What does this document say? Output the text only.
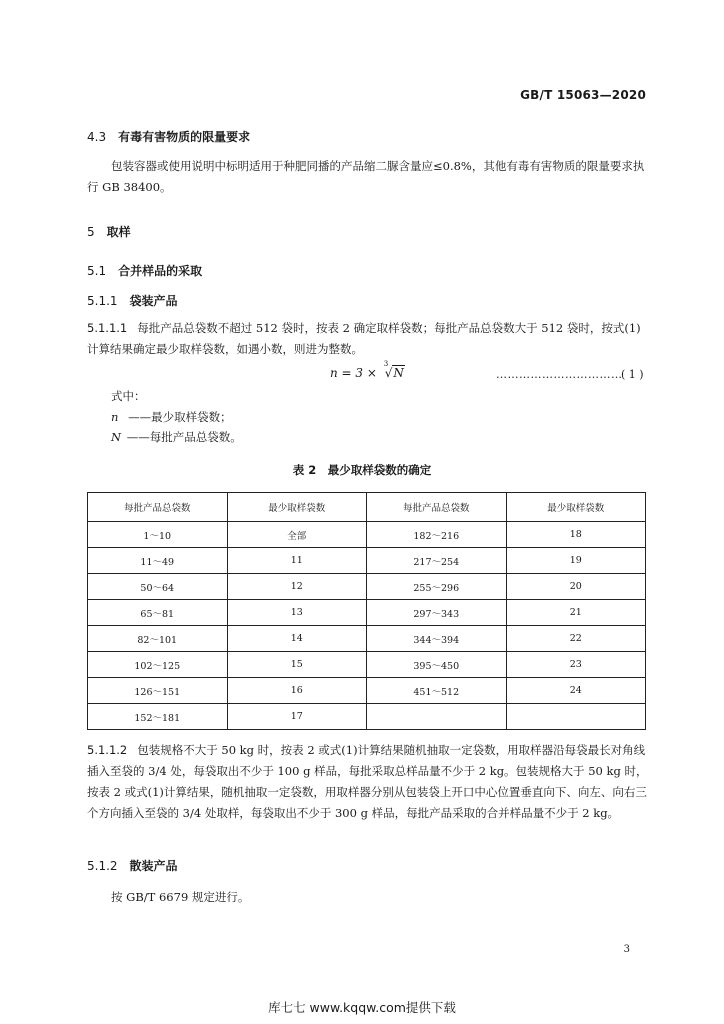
GB/T 15063—2020
4.3 有毒有害物质的限量要求
包装容器或使用说明中标明适用于种肥同播的产品缩二脲含量应≤0.8%，其他有毒有害物质的限量要求执行 GB 38400。
5 取样
5.1 合并样品的采取
5.1.1 袋装产品
5.1.1.1 每批产品总袋数不超过 512 袋时，按表 2 确定取样袋数；每批产品总袋数大于 512 袋时，按式(1) 计算结果确定最少取样袋数，如遇小数，则进为整数。
n = 3 ×
3
√N	……………………………
( 1 )
式中：
n ——最少取样袋数；
N ——每批产品总袋数。
表 2　最少取样袋数的确定
每批产品总袋数	最少取样袋数	每批产品总袋数	最少取样袋数
1～10	全部	182～216	18
11～49	11	217～254	19
50～64	12	255～296	20
65～81	13	297～343	21
82～101	14	344～394	22
102～125	15	395～450	23
126～151	16	451～512	24
152～181	17		
5.1.1.2 包装规格不大于 50 kg 时，按表 2 或式(1)计算结果随机抽取一定袋数，用取样器沿每袋最长对角线插入至袋的 3/4 处，每袋取出不少于 100 g 样品，每批采取总样品量不少于 2 kg。包装规格大于 50 kg 时，按表 2 或式(1)计算结果，随机抽取一定袋数，用取样器分别从包装袋上开口中心位置垂直向下、向左、向右三个方向插入至袋的 3/4 处取样，每袋取出不少于 300 g 样品，每批产品采取的合并样品量不少于 2 kg。
5.1.2 散装产品
按 GB/T 6679 规定进行。
3
库七七 www.kqqw.com提供下载
